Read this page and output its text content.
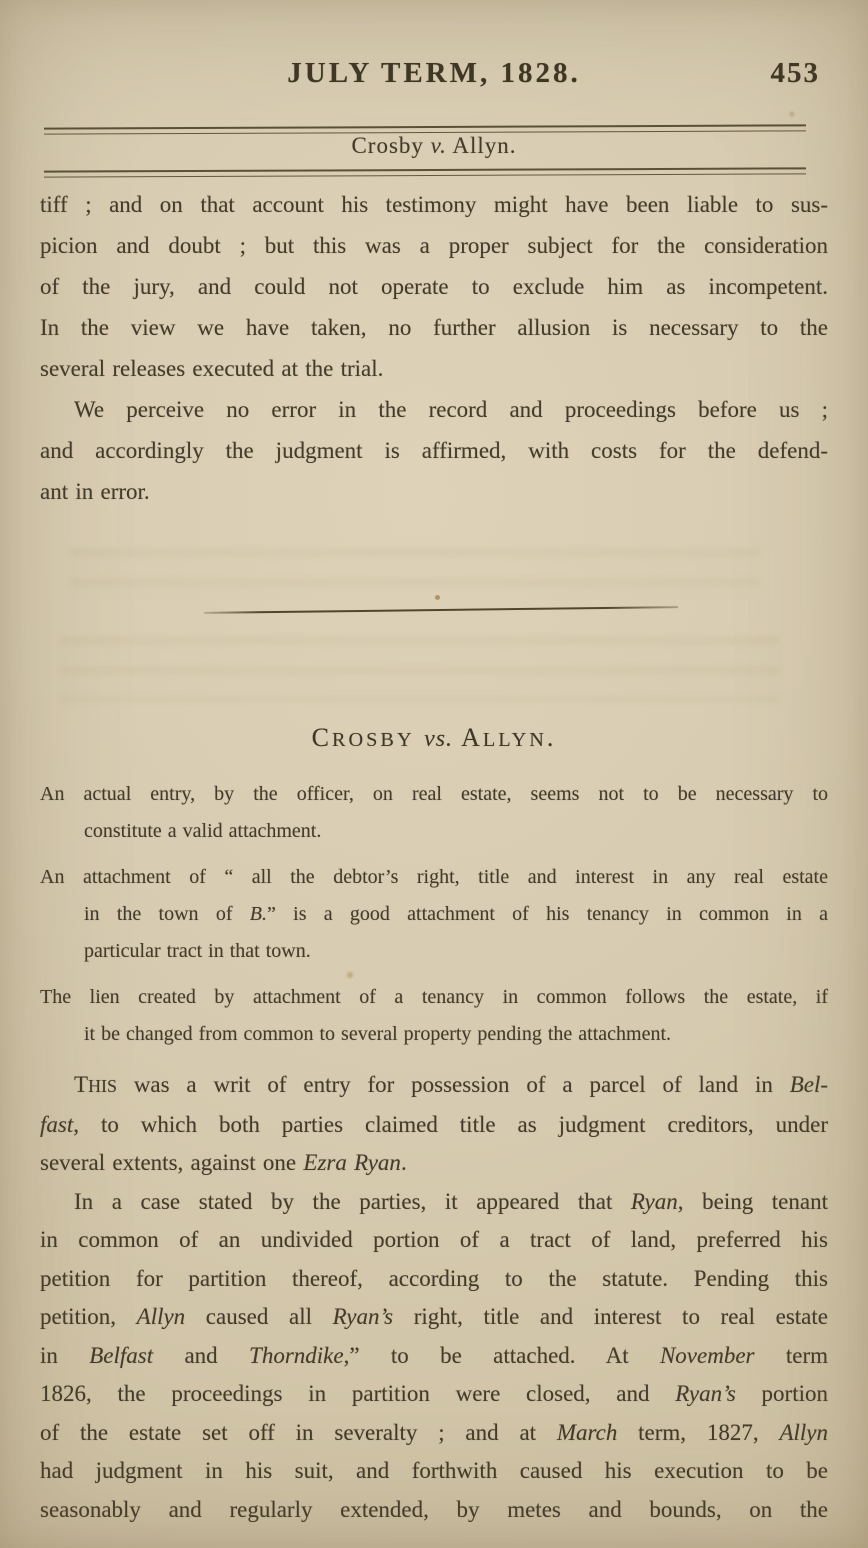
JULY TERM, 1828.	453
Crosby v. Allyn.
tiff ; and on that account his testimony might have been liable to sus-
picion and doubt ; but this was a proper subject for the consideration
of the jury, and could not operate to exclude him as incompetent.
In the view we have taken, no further allusion is necessary to the
several releases executed at the trial.
We perceive no error in the record and proceedings before us ;
and accordingly the judgment is affirmed, with costs for the defend-
ant in error.
CROSBY vs. ALLYN.
An actual entry, by the officer, on real estate, seems not to be necessary to
constitute a valid attachment.
An attachment of “ all the debtor’s right, title and interest in any real estate
in the town of B.” is a good attachment of his tenancy in common in a
particular tract in that town.
The lien created by attachment of a tenancy in common follows the estate, if
it be changed from common to several property pending the attachment.
THIS was a writ of entry for possession of a parcel of land in Bel-
fast, to which both parties claimed title as judgment creditors, under
several extents, against one Ezra Ryan.
In a case stated by the parties, it appeared that Ryan, being tenant
in common of an undivided portion of a tract of land, preferred his
petition for partition thereof, according to the statute. Pending this
petition, Allyn caused all Ryan’s right, title and interest to real estate
in Belfast and Thorndike,” to be attached. At November term
1826, the proceedings in partition were closed, and Ryan’s portion
of the estate set off in severalty ; and at March term, 1827, Allyn
had judgment in his suit, and forthwith caused his execution to be
seasonably and regularly extended, by metes and bounds, on the
